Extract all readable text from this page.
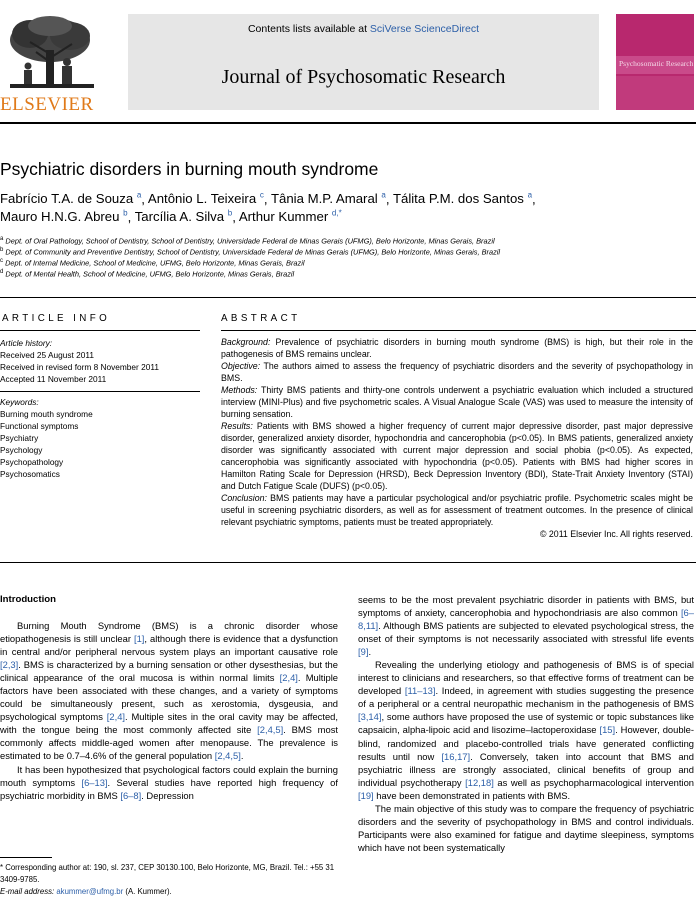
ELSEVIER
Contents lists available at SciVerse ScienceDirect
Journal of Psychosomatic Research
Psychosomatic Research
Psychiatric disorders in burning mouth syndrome
Fabrício T.A. de Souza $^a$, Antônio L. Teixeira $^c$, Tânia M.P. Amaral $^a$, Tálita P.M. dos Santos $^a$,
Mauro H.N.G. Abreu $^b$, Tarcília A. Silva $^b$, Arthur Kummer $^{d,*}$
$^a$ Dept. of Oral Pathology, School of Dentistry, School of Dentistry, Universidade Federal de Minas Gerais (UFMG), Belo Horizonte, Minas Gerais, Brazil
$^b$ Dept. of Community and Preventive Dentistry, School of Dentistry, Universidade Federal de Minas Gerais (UFMG), Belo Horizonte, Minas Gerais, Brazil
$^c$ Dept. of Internal Medicine, School of Medicine, UFMG, Belo Horizonte, Minas Gerais, Brazil
$^d$ Dept. of Mental Health, School of Medicine, UFMG, Belo Horizonte, Minas Gerais, Brazil
ARTICLE INFO
Article history:
Received 25 August 2011
Received in revised form 8 November 2011
Accepted 11 November 2011
Keywords:
Burning mouth syndrome
Functional symptoms
Psychiatry
Psychology
Psychopathology
Psychosomatics
ABSTRACT

Background: Prevalence of psychiatric disorders in burning mouth syndrome (BMS) is high, but their role in the pathogenesis of BMS remains unclear.

Objective: The authors aimed to assess the frequency of psychiatric disorders and the severity of psychopathology in BMS.

Methods: Thirty BMS patients and thirty-one controls underwent a psychiatric evaluation which included a structured interview (MINI-Plus) and five psychometric scales. A Visual Analogue Scale (VAS) was used to measure the intensity of burning sensation.

Results: Patients with BMS showed a higher frequency of current major depressive disorder, past major depressive disorder, generalized anxiety disorder, hypochondria and cancerophobia (p<0.05). In BMS patients, generalized anxiety disorder was significantly associated with current major depression and social phobia (p<0.05). As expected, cancerophobia was significantly associated with hypochondria (p<0.05). Patients with BMS had higher scores in Hamilton Rating Scale for Depression (HRSD), Beck Depression Inventory (BDI), State-Trait Anxiety Inventory (STAI) and Dutch Fatigue Scale (DUFS) (p<0.05).

Conclusion: BMS patients may have a particular psychological and/or psychiatric profile. Psychometric scales might be useful in screening psychiatric disorders, as well as for assessment of treatment outcomes. In the presence of clinical relevant psychiatric symptoms, patients must be treated appropriately.

© 2011 Elsevier Inc. All rights reserved.

Introduction

Burning Mouth Syndrome (BMS) is a chronic disorder whose etiopathogenesis is still unclear [1], although there is evidence that a dysfunction in central and/or peripheral nervous system plays an important causative role [2,3]. BMS is characterized by a burning sensation or other dysesthesias, but the clinical appearance of the oral mucosa is within normal limits [2,4]. Multiple factors have been associated with these changes, and a variety of symptoms could be simultaneously present, such as xerostomia, dysgeusia, and psychological symptoms [2,4]. Multiple sites in the oral cavity may be affected, with the tongue being the most commonly affected site [2,4,5]. BMS most commonly affects middle-aged women after menopause. The prevalence is estimated to be 0.7–4.6% of the general population [2,4,5].

It has been hypothesized that psychological factors could explain the burning mouth symptoms [6–13]. Several studies have reported high frequency of psychiatric morbidity in BMS [6–8]. Depression

seems to be the most prevalent psychiatric disorder in patients with BMS, but symptoms of anxiety, cancerophobia and hypochondriasis are also common [6–8,11]. Although BMS patients are subjected to elevated psychological stress, the onset of their symptoms is not necessarily associated with stressful life events [9].

Revealing the underlying etiology and pathogenesis of BMS is of special interest to clinicians and researchers, so that effective forms of treatment can be developed [11–13]. Indeed, in agreement with studies suggesting the presence of a peripheral or a central neuropathic mechanism in the pathogenesis of BMS [3,14], some authors have proposed the use of systemic or topic substances like capsaicin, alpha-lipoic acid and lisozime–lactoperoxidase [15]. However, double-blind, randomized and placebo-controlled trials have generated conflicting results until now [16,17]. Conversely, taken into account that BMS and psychiatric illness are strongly associated, clinical benefits of group and individual psychotherapy [12,18] as well as psychopharmacological intervention [19] have been demonstrated in patients with BMS.

The main objective of this study was to compare the frequency of psychiatric disorders and the severity of psychopathology in BMS and control individuals. Participants were also examined for fatigue and daytime sleepiness, symptoms which have not been systematically

* Corresponding author at: 190, sl. 237, CEP 30130.100, Belo Horizonte, MG, Brazil. Tel.: +55 31 3409-9785.
E-mail address: akummer@ufmg.br (A. Kummer).
